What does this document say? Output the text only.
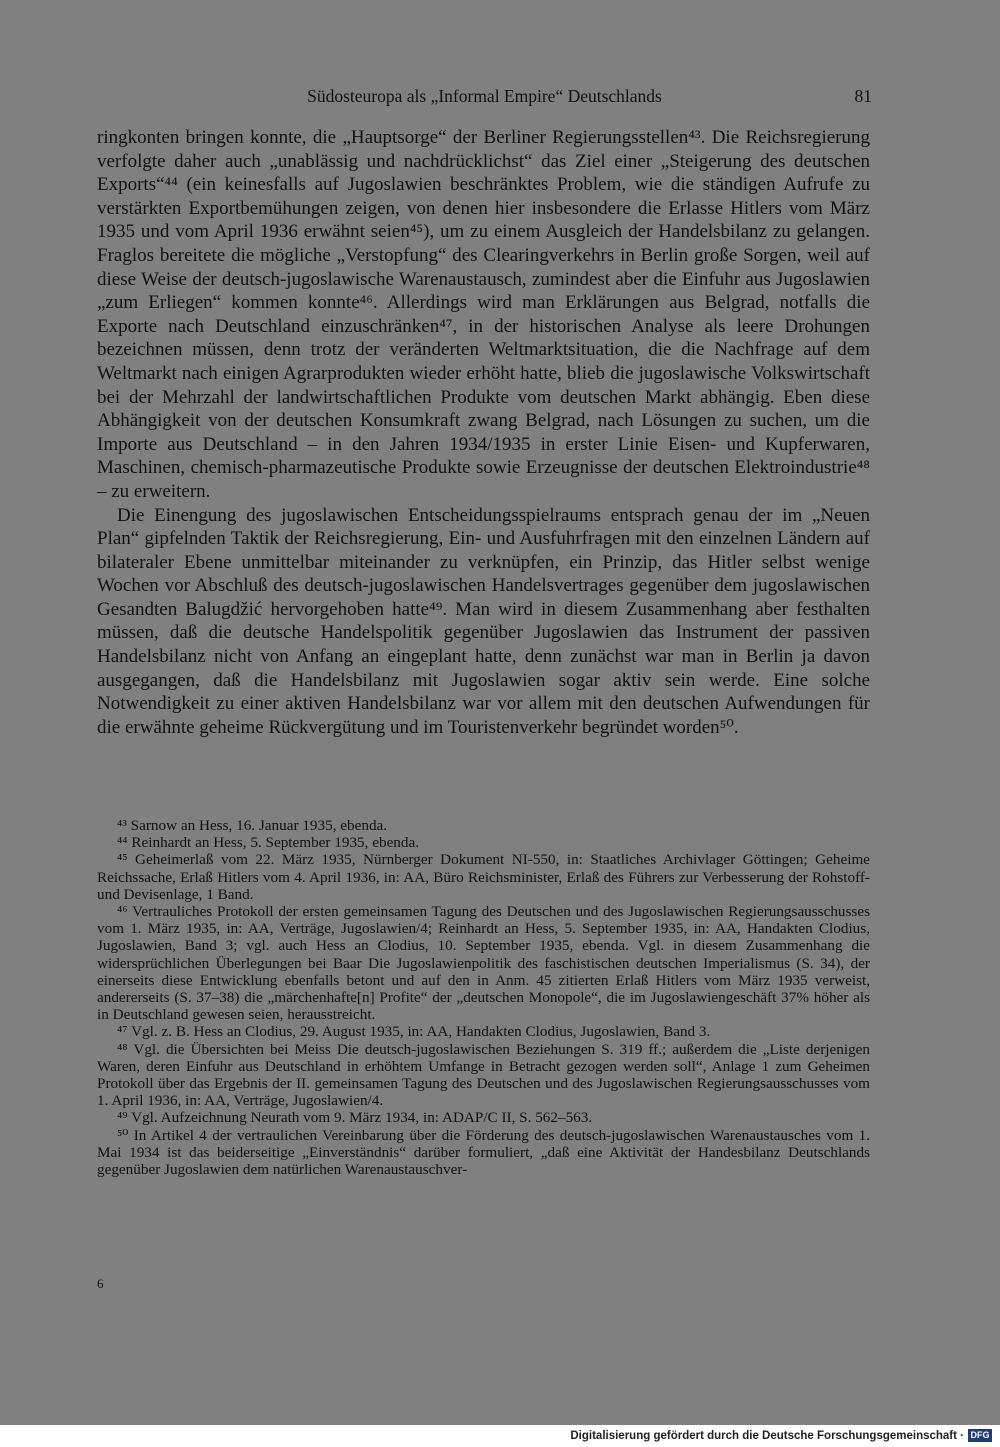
Südosteuropa als „Informal Empire“ Deutschlands	81

ringkonten bringen konnte, die „Hauptsorge“ der Berliner Regierungsstellen⁴³. Die Reichsregierung verfolgte daher auch „unablässig und nachdrücklichst“ das Ziel einer „Steigerung des deutschen Exports“⁴⁴ (ein keinesfalls auf Jugoslawien beschränktes Problem, wie die ständigen Aufrufe zu verstärkten Exportbemühungen zeigen, von denen hier insbesondere die Erlasse Hitlers vom März 1935 und vom April 1936 erwähnt seien⁴⁵), um zu einem Ausgleich der Handelsbilanz zu gelangen. Fraglos bereitete die mögliche „Verstopfung“ des Clearingverkehrs in Berlin große Sorgen, weil auf diese Weise der deutsch-jugoslawische Warenaustausch, zumindest aber die Einfuhr aus Jugoslawien „zum Erliegen“ kommen konnte⁴⁶. Allerdings wird man Erklärungen aus Belgrad, notfalls die Exporte nach Deutschland einzuschränken⁴⁷, in der historischen Analyse als leere Drohungen bezeichnen müssen, denn trotz der veränderten Weltmarktsituation, die die Nachfrage auf dem Weltmarkt nach einigen Agrarprodukten wieder erhöht hatte, blieb die jugoslawische Volkswirtschaft bei der Mehrzahl der landwirtschaftlichen Produkte vom deutschen Markt abhängig. Eben diese Abhängigkeit von der deutschen Konsumkraft zwang Belgrad, nach Lösungen zu suchen, um die Importe aus Deutschland – in den Jahren 1934/1935 in erster Linie Eisen- und Kupferwaren, Maschinen, chemisch-pharmazeutische Produkte sowie Erzeugnisse der deutschen Elektroindustrie⁴⁸ – zu erweitern.

Die Einengung des jugoslawischen Entscheidungsspielraums entsprach genau der im „Neuen Plan“ gipfelnden Taktik der Reichsregierung, Ein- und Ausfuhrfragen mit den einzelnen Ländern auf bilateraler Ebene unmittelbar miteinander zu verknüpfen, ein Prinzip, das Hitler selbst wenige Wochen vor Abschluß des deutsch-jugoslawischen Handelsvertrages gegenüber dem jugoslawischen Gesandten Balugdžić hervorgehoben hatte⁴⁹. Man wird in diesem Zusammenhang aber festhalten müssen, daß die deutsche Handelspolitik gegenüber Jugoslawien das Instrument der passiven Handelsbilanz nicht von Anfang an eingeplant hatte, denn zunächst war man in Berlin ja davon ausgegangen, daß die Handelsbilanz mit Jugoslawien sogar aktiv sein werde. Eine solche Notwendigkeit zu einer aktiven Handelsbilanz war vor allem mit den deutschen Aufwendungen für die erwähnte geheime Rückvergütung und im Touristenverkehr begründet worden⁵⁰.

⁴³ Sarnow an Hess, 16. Januar 1935, ebenda.

⁴⁴ Reinhardt an Hess, 5. September 1935, ebenda.

⁴⁵ Geheimerlaß vom 22. März 1935, Nürnberger Dokument NI-550, in: Staatliches Archivlager Göttingen; Geheime Reichssache, Erlaß Hitlers vom 4. April 1936, in: AA, Büro Reichsminister, Erlaß des Führers zur Verbesserung der Rohstoff- und Devisenlage, 1 Band.

⁴⁶ Vertrauliches Protokoll der ersten gemeinsamen Tagung des Deutschen und des Jugoslawischen Regierungsausschusses vom 1. März 1935, in: AA, Verträge, Jugoslawien/4; Reinhardt an Hess, 5. September 1935, in: AA, Handakten Clodius, Jugoslawien, Band 3; vgl. auch Hess an Clodius, 10. September 1935, ebenda. Vgl. in diesem Zusammenhang die widersprüchlichen Überlegungen bei Baar Die Jugoslawienpolitik des faschistischen deutschen Imperialismus (S. 34), der einerseits diese Entwicklung ebenfalls betont und auf den in Anm. 45 zitierten Erlaß Hitlers vom März 1935 verweist, andererseits (S. 37–38) die „märchenhafte[n] Profite“ der „deutschen Monopole“, die im Jugoslawiengeschäft 37% höher als in Deutschland gewesen seien, herausstreicht.

⁴⁷ Vgl. z. B. Hess an Clodius, 29. August 1935, in: AA, Handakten Clodius, Jugoslawien, Band 3.

⁴⁸ Vgl. die Übersichten bei Meiss Die deutsch-jugoslawischen Beziehungen S. 319 ff.; außerdem die „Liste derjenigen Waren, deren Einfuhr aus Deutschland in erhöhtem Umfange in Betracht gezogen werden soll“, Anlage 1 zum Geheimen Protokoll über das Ergebnis der II. gemeinsamen Tagung des Deutschen und des Jugoslawischen Regierungsausschusses vom 1. April 1936, in: AA, Verträge, Jugoslawien/4.

⁴⁹ Vgl. Aufzeichnung Neurath vom 9. März 1934, in: ADAP/C II, S. 562–563.

⁵⁰ In Artikel 4 der vertraulichen Vereinbarung über die Förderung des deutsch-jugoslawischen Warenaustausches vom 1. Mai 1934 ist das beiderseitige „Einverständnis“ darüber formuliert, „daß eine Aktivität der Handesbilanz Deutschlands gegenüber Jugoslawien dem natürlichen Warenaustauschver-

6
Digitalisierung gefördert durch die Deutsche Forschungsgemeinschaft · DFG
